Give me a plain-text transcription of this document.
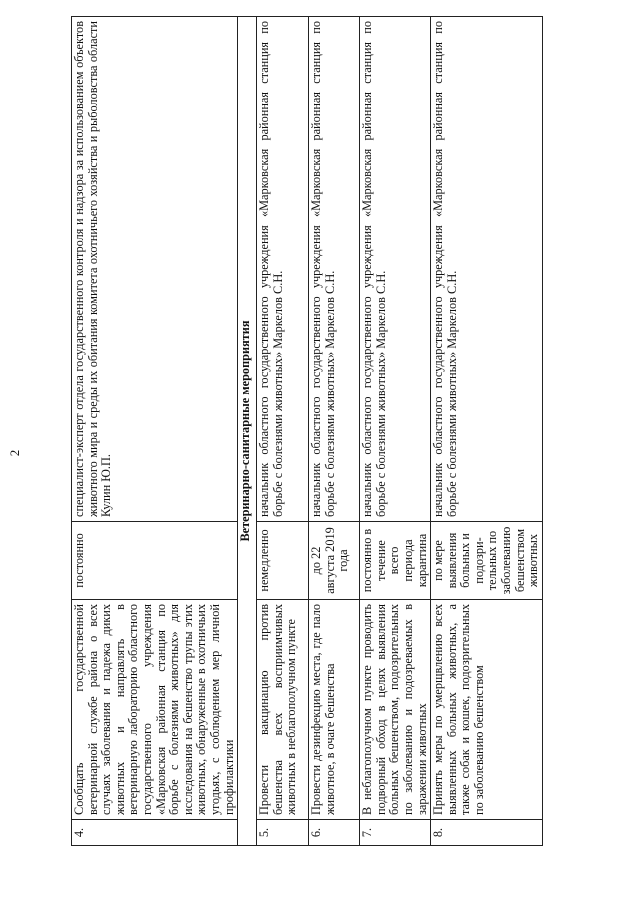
2
4.	Сообщать государственной ветеринарной службе района о всех случаях заболевания и падежа диких животных и направлять в ветеринарную лабораторию областного государственного учреждения «Марковская районная станция по борьбе с болезнями животных» для исследования на бешенство трупы этих животных, обнаруженные в охотничьих угодьях, с соблюдением мер личной профилактики	постоянно	специалист-эксперт отдела государственного контроля и надзора за использованием объектов животного мира и среды их обитания комитета охотничьего хозяйства и рыболовства области Кулин Ю.П.
Ветеринарно-санитарные мероприятия			
5.	Провести вакцинацию против бешенства всех восприимчивых животных в неблагополучном пункте	немедленно	начальник областного государственного учреждения «Марковская районная станция по борьбе с болезнями животных» Маркелов С.Н.
6.	Провести дезинфекцию места, где пало животное, в очаге бешенства	до 22 августа 2019 года	начальник областного государственного учреждения «Марковская районная станция по борьбе с болезнями животных» Маркелов С.Н.
7.	В неблагополучном пункте проводить подворный обход в целях выявления больных бешенством, подозрительных по заболеванию и подозреваемых в заражении животных	постоянно в течение всего периода карантина	начальник областного государственного учреждения «Марковская районная станция по борьбе с болезнями животных» Маркелов С.Н.
8.	Принять меры по умерщвлению всех выявленных больных животных, а также собак и кошек, подозрительных по заболеванию бешенством	по мере выявления больных и подозри-тельных по заболеванию бешенством животных	начальник областного государственного учреждения «Марковская районная станция по борьбе с болезнями животных» Маркелов С.Н.
